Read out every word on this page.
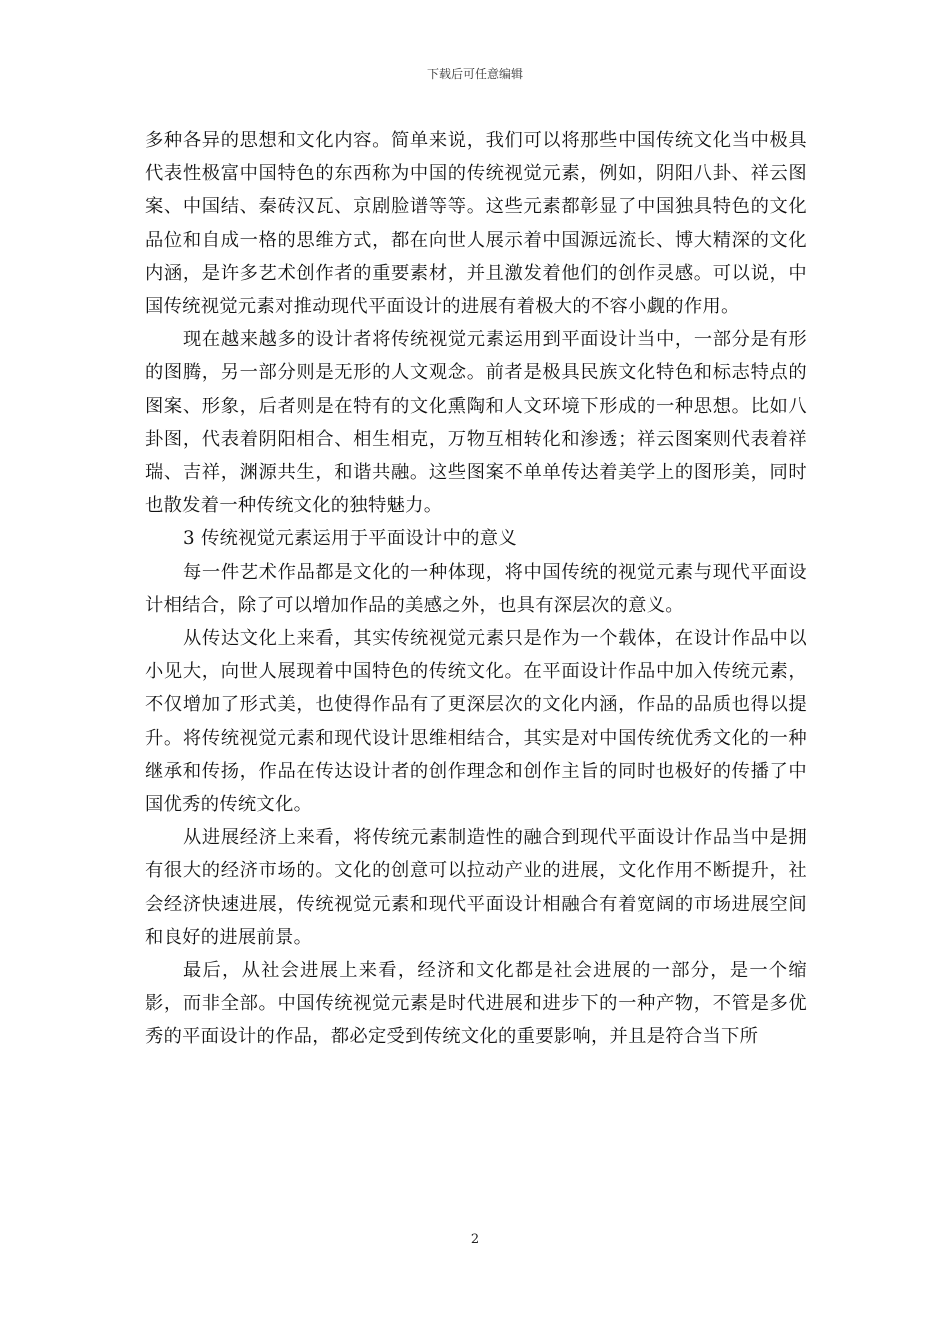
下载后可任意编辑

多种各异的思想和文化内容。简单来说，我们可以将那些中国传统文化当中极具代表性极富中国特色的东西称为中国的传统视觉元素，例如，阴阳八卦、祥云图案、中国结、秦砖汉瓦、京剧脸谱等等。这些元素都彰显了中国独具特色的文化品位和自成一格的思维方式，都在向世人展示着中国源远流长、博大精深的文化内涵，是许多艺术创作者的重要素材，并且激发着他们的创作灵感。可以说，中国传统视觉元素对推动现代平面设计的进展有着极大的不容小觑的作用。

现在越来越多的设计者将传统视觉元素运用到平面设计当中，一部分是有形的图腾，另一部分则是无形的人文观念。前者是极具民族文化特色和标志特点的图案、形象，后者则是在特有的文化熏陶和人文环境下形成的一种思想。比如八卦图，代表着阴阳相合、相生相克，万物互相转化和渗透；祥云图案则代表着祥瑞、吉祥，渊源共生，和谐共融。这些图案不单单传达着美学上的图形美，同时也散发着一种传统文化的独特魅力。

3 传统视觉元素运用于平面设计中的意义

每一件艺术作品都是文化的一种体现，将中国传统的视觉元素与现代平面设计相结合，除了可以增加作品的美感之外，也具有深层次的意义。

从传达文化上来看，其实传统视觉元素只是作为一个载体，在设计作品中以小见大，向世人展现着中国特色的传统文化。在平面设计作品中加入传统元素，不仅增加了形式美，也使得作品有了更深层次的文化内涵，作品的品质也得以提升。将传统视觉元素和现代设计思维相结合，其实是对中国传统优秀文化的一种继承和传扬，作品在传达设计者的创作理念和创作主旨的同时也极好的传播了中国优秀的传统文化。

从进展经济上来看，将传统元素制造性的融合到现代平面设计作品当中是拥有很大的经济市场的。文化的创意可以拉动产业的进展，文化作用不断提升，社会经济快速进展，传统视觉元素和现代平面设计相融合有着宽阔的市场进展空间和良好的进展前景。

最后，从社会进展上来看，经济和文化都是社会进展的一部分，是一个缩影，而非全部。中国传统视觉元素是时代进展和进步下的一种产物，不管是多优秀的平面设计的作品，都必定受到传统文化的重要影响，并且是符合当下所

2
